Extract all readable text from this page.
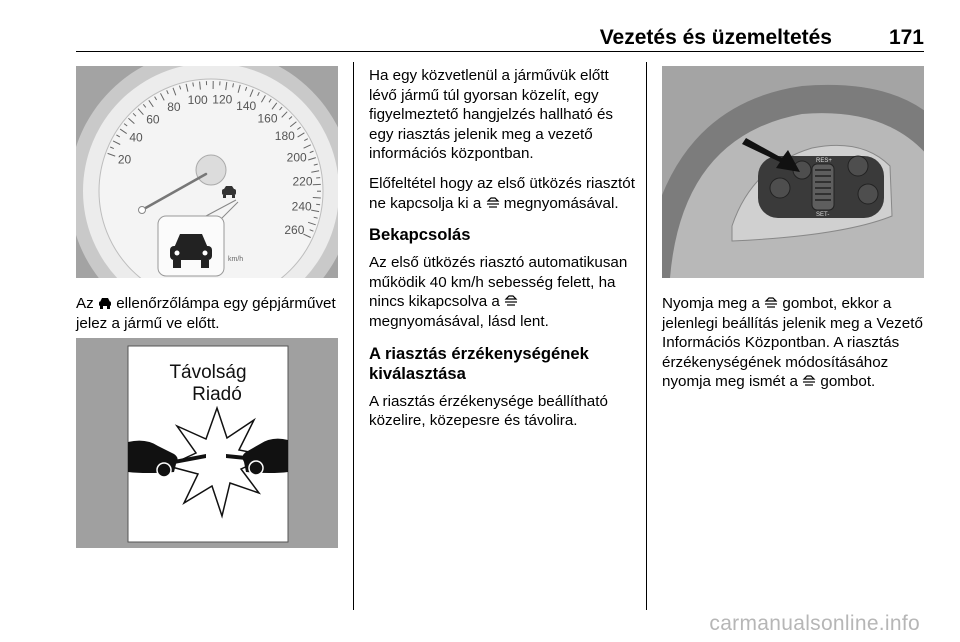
Vezetés és üzemeltetés	171
20
40
60
80 100 120 140
160
180
200
220
240
260
km/h

Az ellenőrzőlámpa egy gépjárművet jelez a jármű ve előtt.

Távolság
Riadó

Ha egy közvetlenül a járművük előtt lévő jármű túl gyorsan közelít, egy figyelmeztető hangjelzés hallható és egy riasztás jelenik meg a vezető információs központban.

Előfeltétel hogy az első ütközés riasztót ne kapcsolja ki a megnyomásával.

Bekapcsolás

Az első ütközés riasztó automatikusan működik 40 km/h sebesség felett, ha nincs kikapcsolva a  megnyomásával, lásd lent.

A riasztás érzékenységének kiválasztása

A riasztás érzékenysége beállítható közelire, közepesre és távolira.

RES+
SET-

Nyomja meg a gombot, ekkor a jelenlegi beállítás jelenik meg a Vezető Információs Központban. A riasztás érzékenységének módosításához nyomja meg ismét a gombot.

carmanualsonline.info
